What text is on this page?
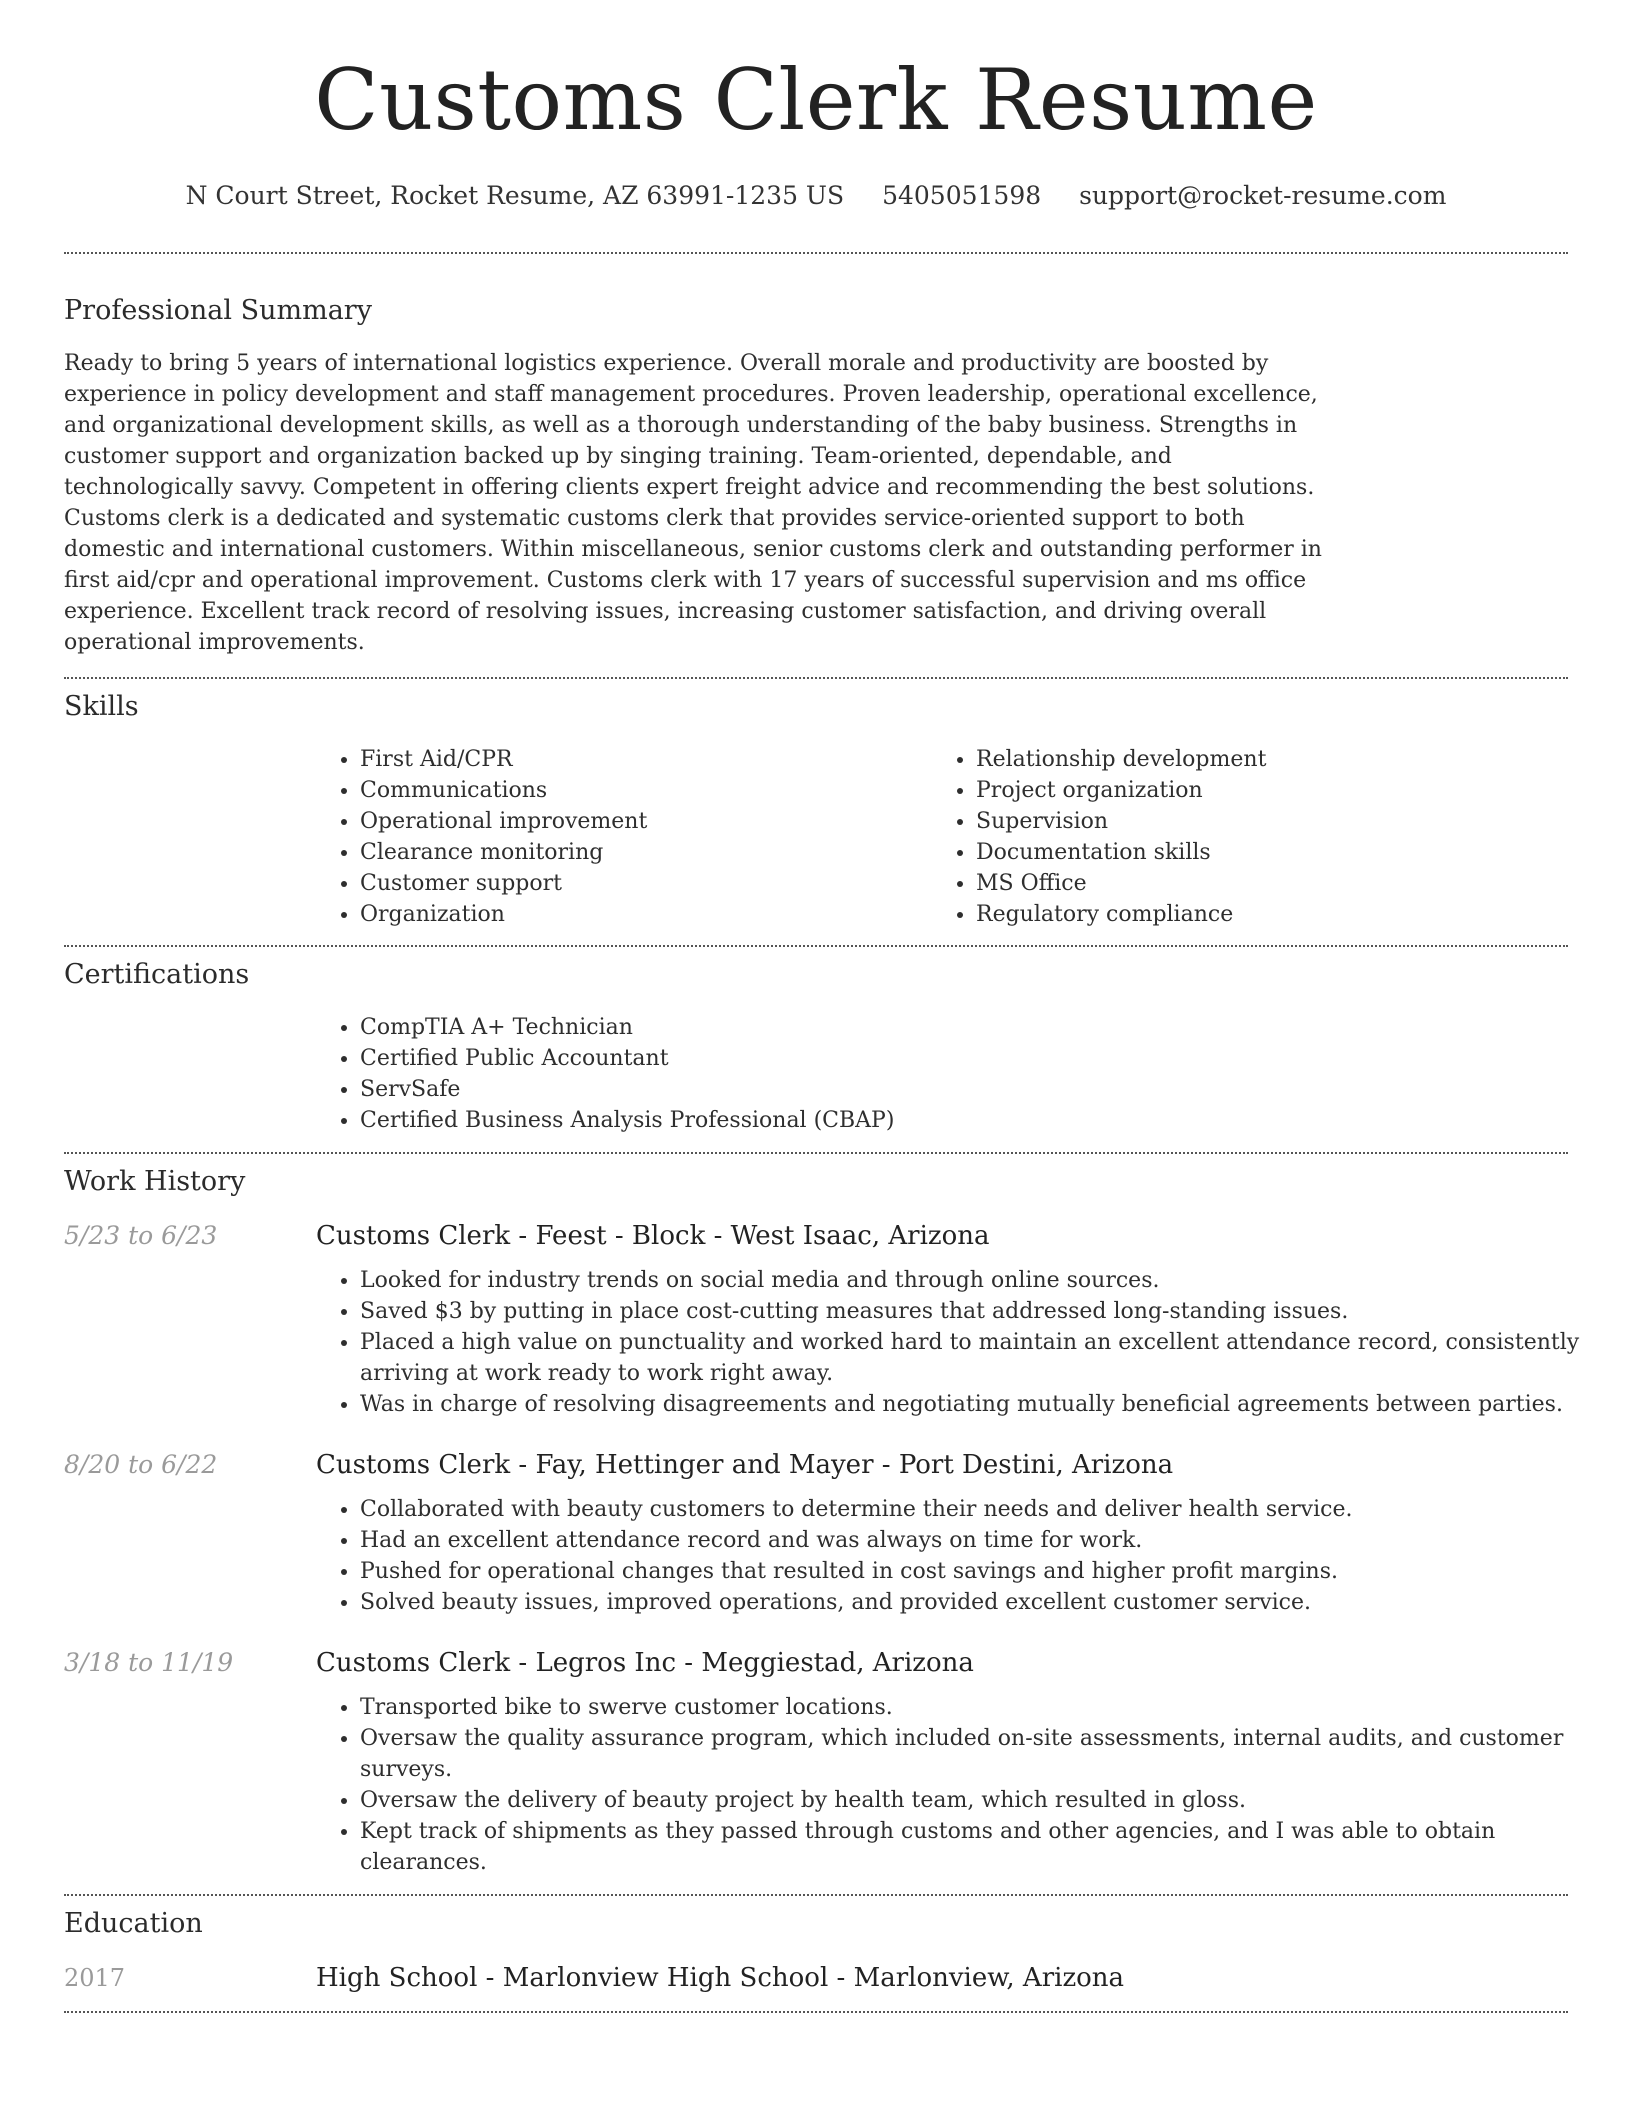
Customs Clerk Resume
N Court Street, Rocket Resume, AZ 63991-1235 US 5405051598 support@rocket-resume.com
Professional Summary

Ready to bring 5 years of international logistics experience. Overall morale and productivity are boosted by experience in policy development and staff management procedures. Proven leadership, operational excellence, and organizational development skills, as well as a thorough understanding of the baby business. Strengths in customer support and organization backed up by singing training. Team-oriented, dependable, and technologically savvy. Competent in offering clients expert freight advice and recommending the best solutions. Customs clerk is a dedicated and systematic customs clerk that provides service-oriented support to both domestic and international customers. Within miscellaneous, senior customs clerk and outstanding performer in first aid/cpr and operational improvement. Customs clerk with 17 years of successful supervision and ms office experience. Excellent track record of resolving issues, increasing customer satisfaction, and driving overall operational improvements.

Skills
• First Aid/CPR
• Communications
• Operational improvement
• Clearance monitoring
• Customer support
• Organization
• Relationship development
• Project organization
• Supervision
• Documentation skills
• MS Office
• Regulatory compliance
Certifications
• CompTIA A+ Technician
• Certified Public Accountant
• ServSafe
• Certified Business Analysis Professional (CBAP)
Work History
5/23 to 6/23	Customs Clerk - Feest - Block - West Isaac, Arizona
• Looked for industry trends on social media and through online sources.
• Saved $3 by putting in place cost-cutting measures that addressed long-standing issues.
• Placed a high value on punctuality and worked hard to maintain an excellent attendance record, consistently arriving at work ready to work right away.
• Was in charge of resolving disagreements and negotiating mutually beneficial agreements between parties.
8/20 to 6/22	Customs Clerk - Fay, Hettinger and Mayer - Port Destini, Arizona
• Collaborated with beauty customers to determine their needs and deliver health service.
• Had an excellent attendance record and was always on time for work.
• Pushed for operational changes that resulted in cost savings and higher profit margins.
• Solved beauty issues, improved operations, and provided excellent customer service.
3/18 to 11/19	Customs Clerk - Legros Inc - Meggiestad, Arizona
• Transported bike to swerve customer locations.
• Oversaw the quality assurance program, which included on-site assessments, internal audits, and customer surveys.
• Oversaw the delivery of beauty project by health team, which resulted in gloss.
• Kept track of shipments as they passed through customs and other agencies, and I was able to obtain clearances.
Education
2017	High School - Marlonview High School - Marlonview, Arizona
